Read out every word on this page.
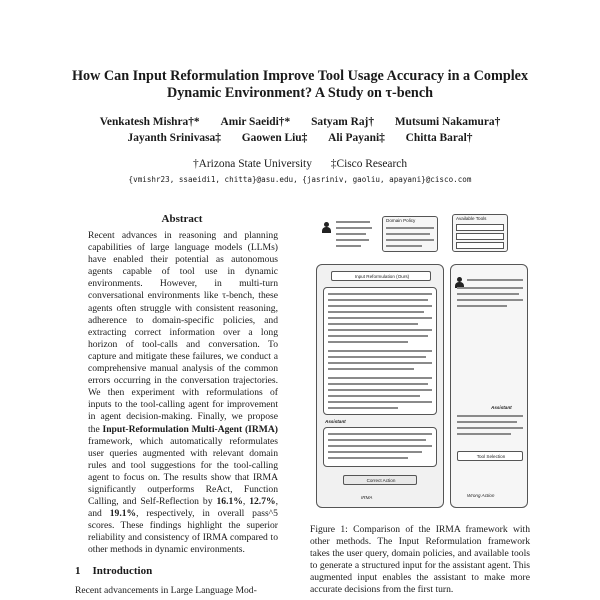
How Can Input Reformulation Improve Tool Usage Accuracy in a Complex
Dynamic Environment? A Study on τ-bench
Venkatesh Mishra†* Amir Saeidi†* Satyam Raj† Mutsumi Nakamura†
Jayanth Srinivasa‡ Gaowen Liu‡ Ali Payani‡ Chitta Baral†
†Arizona State University ‡Cisco Research
{vmishr23, ssaeidi1, chitta}@asu.edu, {jasriniv, gaoliu, apayani}@cisco.com
Abstract
Recent advances in reasoning and planning capabilities of large language models (LLMs) have enabled their potential as autonomous agents capable of tool use in dynamic environments. However, in multi-turn conversational environments like τ-bench, these agents often struggle with consistent reasoning, adherence to domain-specific policies, and extracting correct information over a long horizon of tool-calls and conversation. To capture and mitigate these failures, we conduct a comprehensive manual analysis of the common errors occurring in the conversation trajectories. We then experiment with reformulations of inputs to the tool-calling agent for improvement in agent decision-making. Finally, we propose the Input-Reformulation Multi-Agent (IRMA) framework, which automatically reformulates user queries augmented with relevant domain rules and tool suggestions for the tool-calling agent to focus on. The results show that IRMA significantly outperforms ReAct, Function Calling, and Self-Reflection by 16.1%, 12.7%, and 19.1%, respectively, in overall pass^5 scores. These findings highlight the superior reliability and consistency of IRMA compared to other methods in dynamic environments.
1 Introduction
Recent advancements in Large Language Mod-
Domain Policy	Available Tools
Input Reformulation (Ours)
Assistant
Correct Action
IRMA
Assistant
Tool Selection
Wrong Action
Figure 1: Comparison of the IRMA framework with other methods. The Input Reformulation framework takes the user query, domain policies, and available tools to generate a structured input for the assistant agent. This augmented input enables the assistant to make more accurate decisions from the first turn.
